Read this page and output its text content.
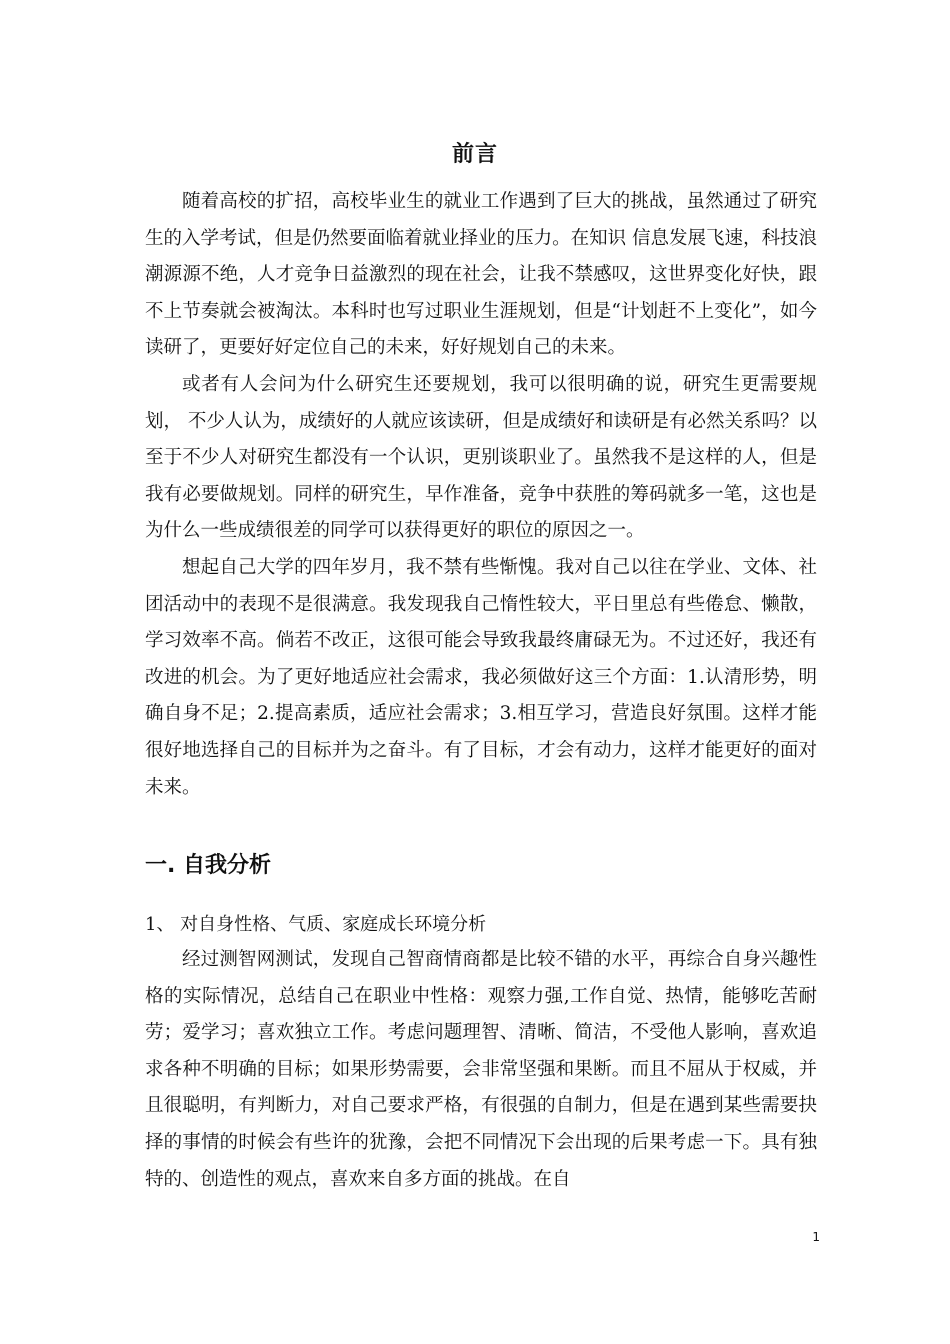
前言

随着高校的扩招，高校毕业生的就业工作遇到了巨大的挑战，虽然通过了研究生的入学考试，但是仍然要面临着就业择业的压力。在知识 信息发展飞速，科技浪潮源源不绝，人才竞争日益激烈的现在社会，让我不禁感叹，这世界变化好快，跟不上节奏就会被淘汰。本科时也写过职业生涯规划，但是“计划赶不上变化”，如今读研了，更要好好定位自己的未来，好好规划自己的未来。

或者有人会问为什么研究生还要规划，我可以很明确的说，研究生更需要规划， 不少人认为，成绩好的人就应该读研，但是成绩好和读研是有必然关系吗？以至于不少人对研究生都没有一个认识，更别谈职业了。虽然我不是这样的人，但是我有必要做规划。同样的研究生，早作准备，竞争中获胜的筹码就多一笔，这也是为什么一些成绩很差的同学可以获得更好的职位的原因之一。

想起自己大学的四年岁月，我不禁有些惭愧。我对自己以往在学业、文体、社团活动中的表现不是很满意。我发现我自己惰性较大，平日里总有些倦怠、懒散，学习效率不高。倘若不改正，这很可能会导致我最终庸碌无为。不过还好，我还有改进的机会。为了更好地适应社会需求，我必须做好这三个方面：1.认清形势，明确自身不足；2.提高素质，适应社会需求；3.相互学习，营造良好氛围。这样才能很好地选择自己的目标并为之奋斗。有了目标，才会有动力，这样才能更好的面对未来。

一. 自我分析
1、 对自身性格、气质、家庭成长环境分析

经过测智网测试，发现自己智商情商都是比较不错的水平，再综合自身兴趣性格的实际情况，总结自己在职业中性格：观察力强,工作自觉、热情，能够吃苦耐劳；爱学习；喜欢独立工作。考虑问题理智、清晰、简洁，不受他人影响，喜欢追求各种不明确的目标；如果形势需要，会非常坚强和果断。而且不屈从于权威，并且很聪明，有判断力，对自己要求严格，有很强的自制力，但是在遇到某些需要抉择的事情的时候会有些许的犹豫，会把不同情况下会出现的后果考虑一下。具有独特的、创造性的观点，喜欢来自多方面的挑战。在自

1
